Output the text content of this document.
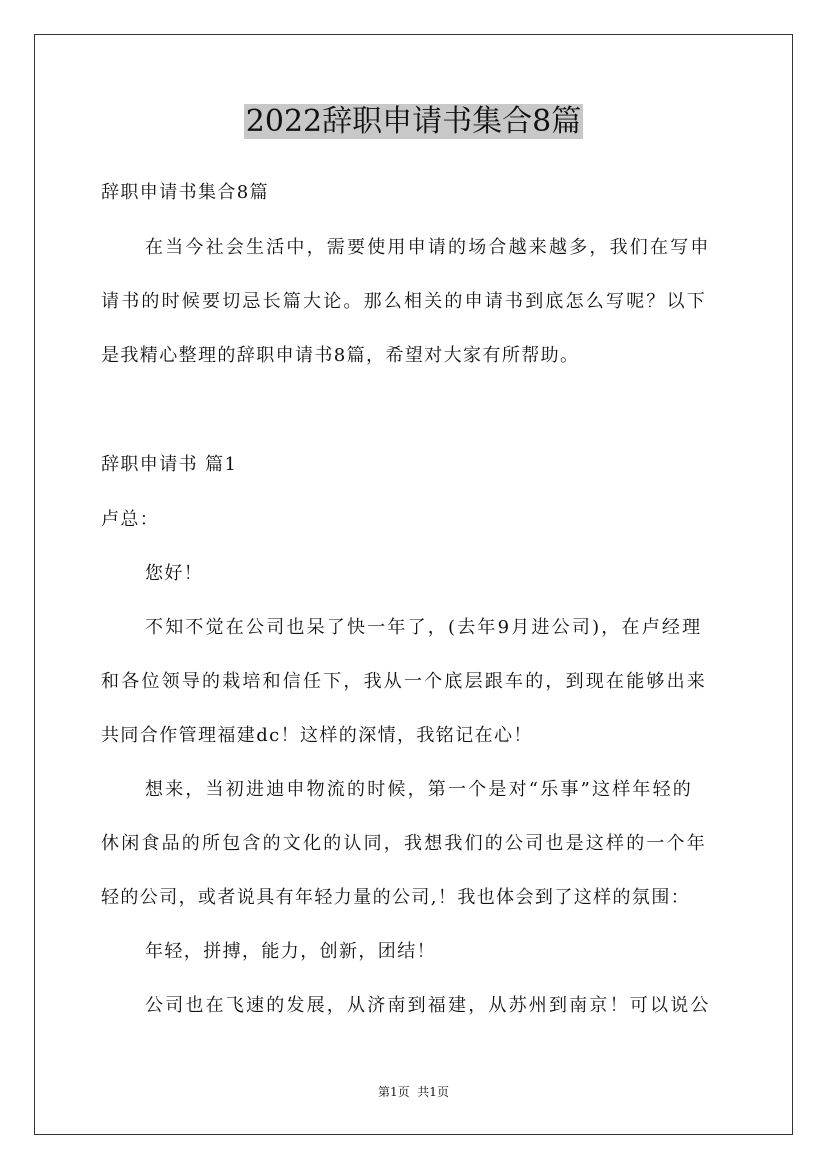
2022辞职申请书集合8篇
辞职申请书集合8篇
在当今社会生活中，需要使用申请的场合越来越多，我们在写申
请书的时候要切忌长篇大论。那么相关的申请书到底怎么写呢？以下
是我精心整理的辞职申请书8篇，希望对大家有所帮助。
辞职申请书 篇1
卢总：
您好！
不知不觉在公司也呆了快一年了，(去年9月进公司)，在卢经理
和各位领导的栽培和信任下，我从一个底层跟车的，到现在能够出来
共同合作管理福建dc！这样的深情，我铭记在心！
想来，当初进迪申物流的时候，第一个是对“乐事”这样年轻的
休闲食品的所包含的文化的认同，我想我们的公司也是这样的一个年
轻的公司，或者说具有年轻力量的公司,！我也体会到了这样的氛围：
年轻，拼搏，能力，创新，团结！
公司也在飞速的发展，从济南到福建，从苏州到南京！可以说公
第1页  共1页
